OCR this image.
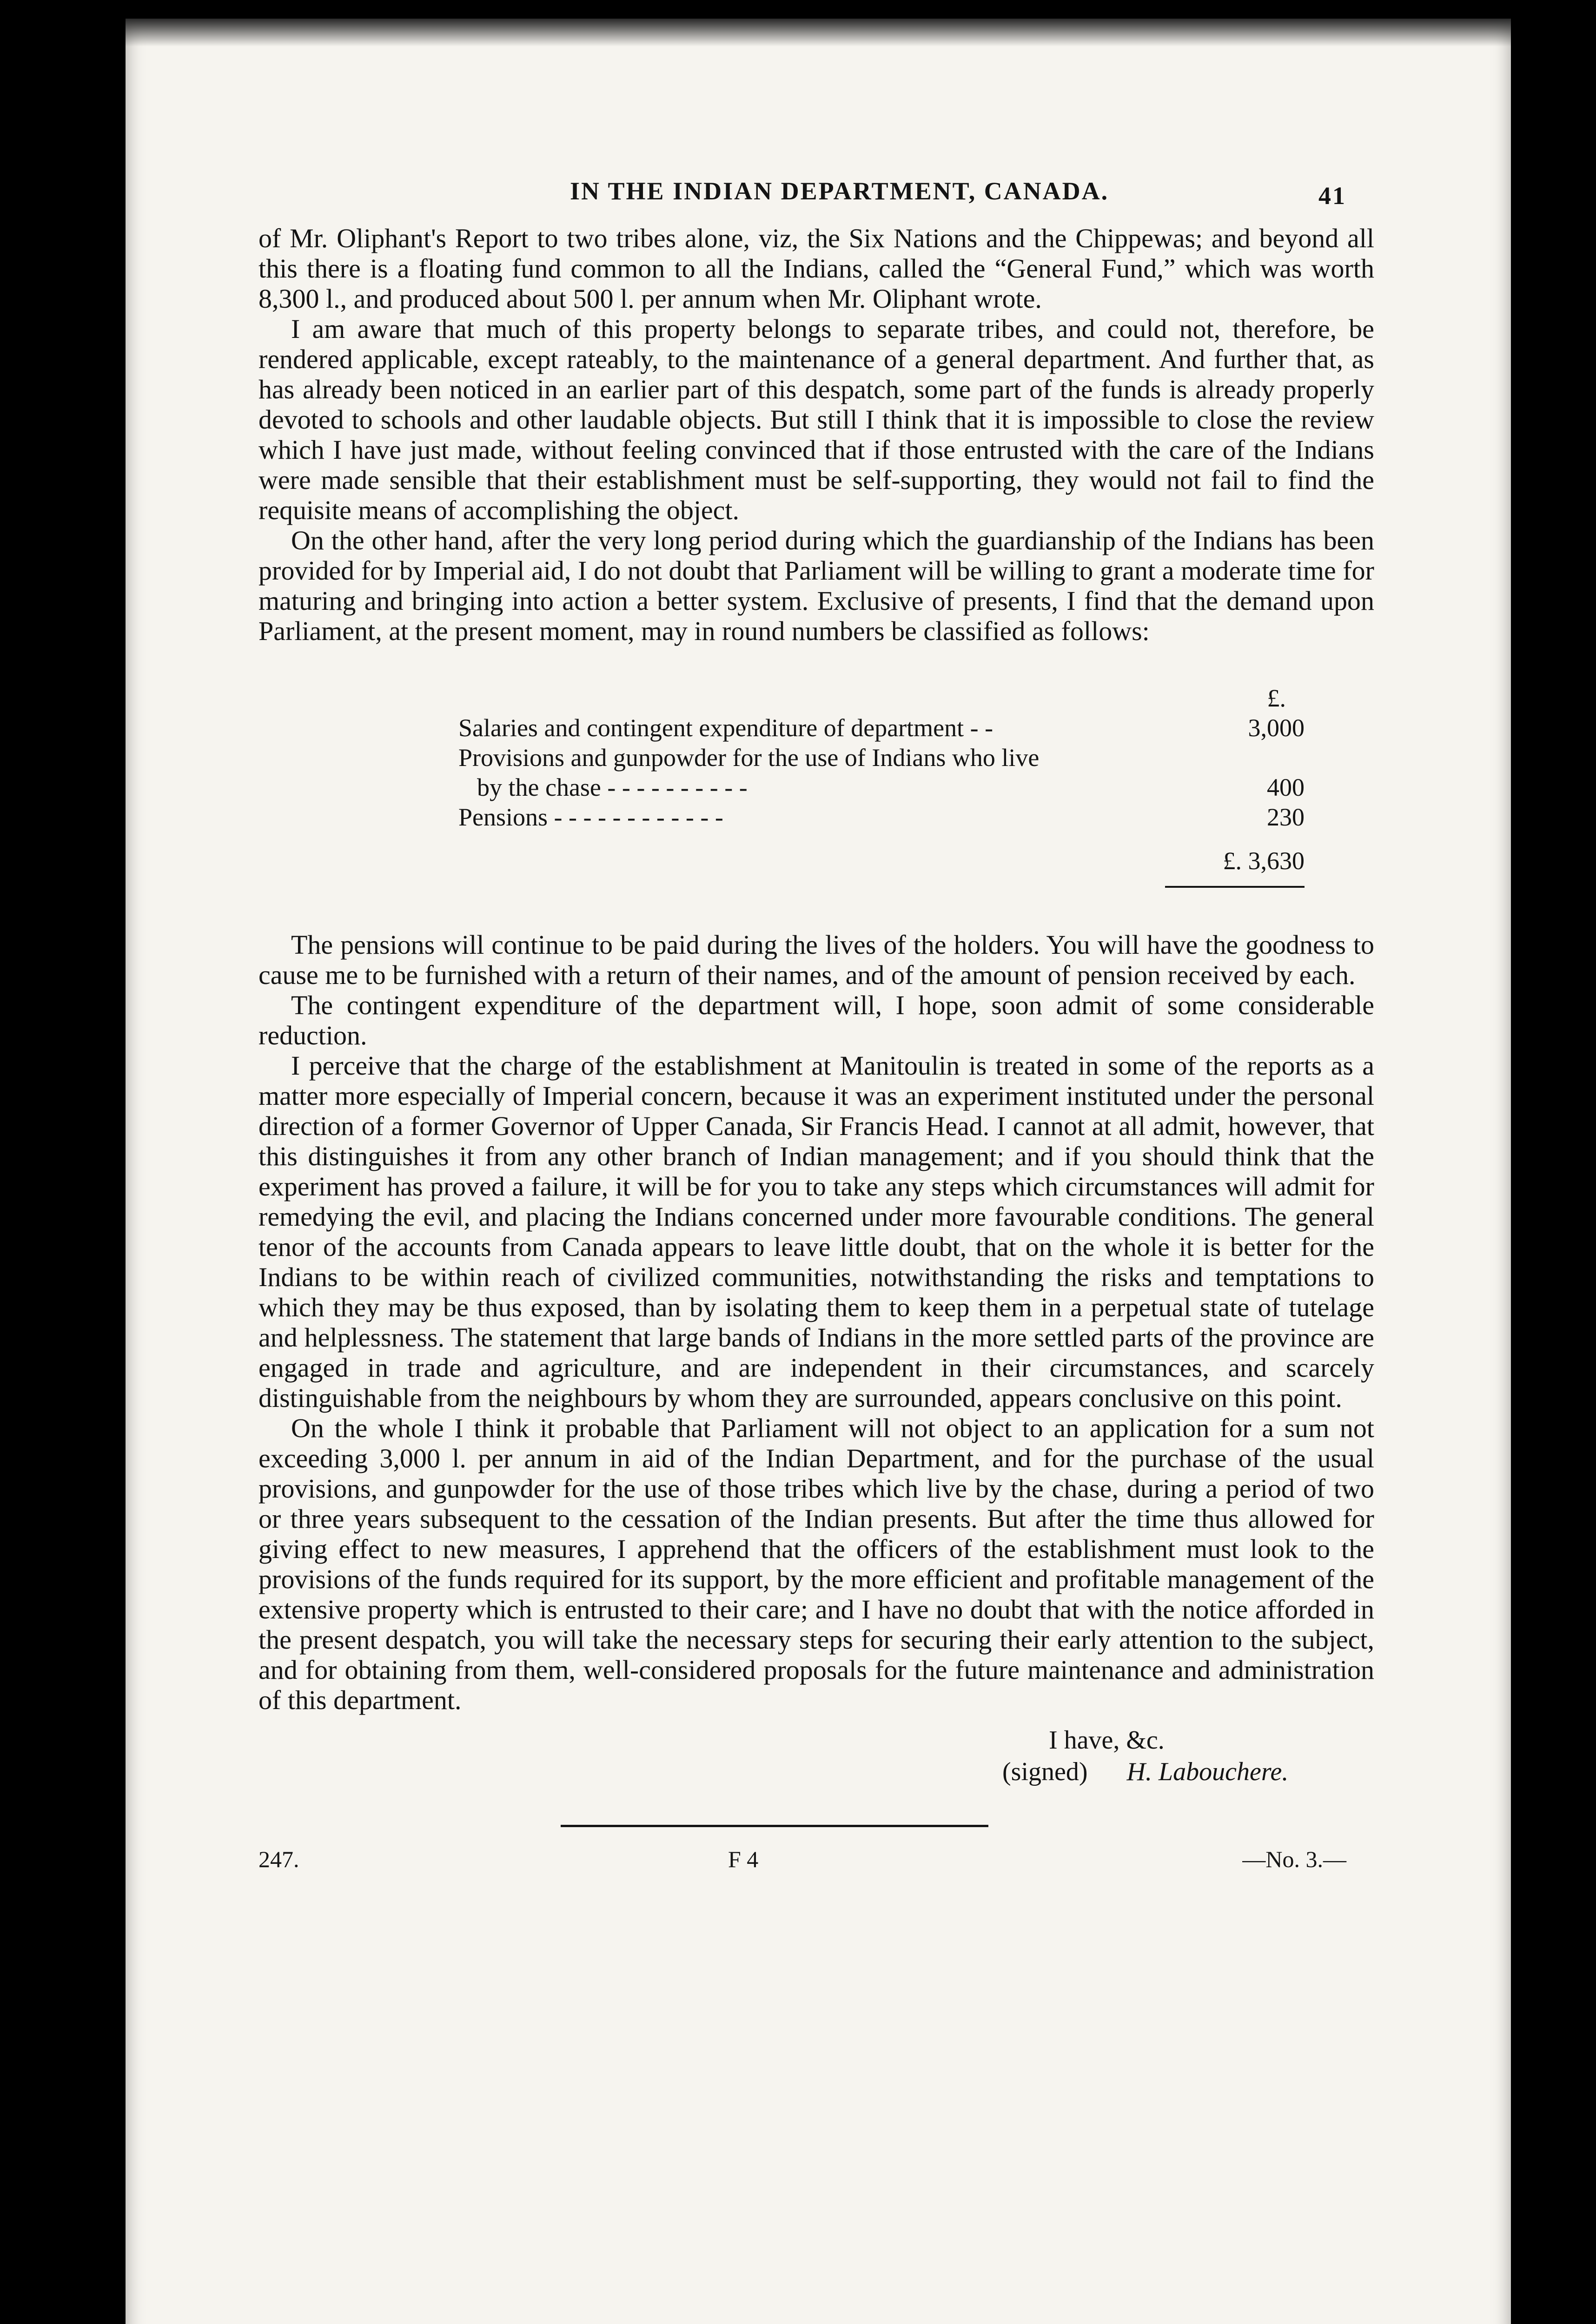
IN THE INDIAN DEPARTMENT, CANADA.	41

of Mr. Oliphant's Report to two tribes alone, viz, the Six Nations and the Chippewas; and beyond all this there is a floating fund common to all the Indians, called the “General Fund,” which was worth 8,300 l., and produced about 500 l. per annum when Mr. Oliphant wrote.

I am aware that much of this property belongs to separate tribes, and could not, therefore, be rendered applicable, except rateably, to the maintenance of a general department. And further that, as has already been noticed in an earlier part of this despatch, some part of the funds is already properly devoted to schools and other laudable objects. But still I think that it is impossible to close the review which I have just made, without feeling convinced that if those entrusted with the care of the Indians were made sensible that their establishment must be self-supporting, they would not fail to find the requisite means of accomplishing the object.

On the other hand, after the very long period during which the guardianship of the Indians has been provided for by Imperial aid, I do not doubt that Parliament will be willing to grant a moderate time for maturing and bringing into action a better system. Exclusive of presents, I find that the demand upon Parliament, at the present moment, may in round numbers be classified as follows:

£.
Salaries and contingent expenditure of department - -	3,000
Provisions and gunpowder for the use of Indians who live
by the chase - - - - - - - - - -	400
Pensions - - - - - - - - - - - -	230
£. 3,630

The pensions will continue to be paid during the lives of the holders. You will have the goodness to cause me to be furnished with a return of their names, and of the amount of pension received by each.

The contingent expenditure of the department will, I hope, soon admit of some considerable reduction.

I perceive that the charge of the establishment at Manitoulin is treated in some of the reports as a matter more especially of Imperial concern, because it was an experiment instituted under the personal direction of a former Governor of Upper Canada, Sir Francis Head. I cannot at all admit, however, that this distinguishes it from any other branch of Indian management; and if you should think that the experiment has proved a failure, it will be for you to take any steps which circumstances will admit for remedying the evil, and placing the Indians concerned under more favourable conditions. The general tenor of the accounts from Canada appears to leave little doubt, that on the whole it is better for the Indians to be within reach of civilized communities, notwithstanding the risks and temptations to which they may be thus exposed, than by isolating them to keep them in a perpetual state of tutelage and helplessness. The statement that large bands of Indians in the more settled parts of the province are engaged in trade and agriculture, and are independent in their circumstances, and scarcely distinguishable from the neighbours by whom they are surrounded, appears conclusive on this point.

On the whole I think it probable that Parliament will not object to an application for a sum not exceeding 3,000 l. per annum in aid of the Indian Department, and for the purchase of the usual provisions, and gunpowder for the use of those tribes which live by the chase, during a period of two or three years subsequent to the cessation of the Indian presents. But after the time thus allowed for giving effect to new measures, I apprehend that the officers of the establishment must look to the provisions of the funds required for its support, by the more efficient and profitable management of the extensive property which is entrusted to their care; and I have no doubt that with the notice afforded in the present despatch, you will take the necessary steps for securing their early attention to the subject, and for obtaining from them, well-considered proposals for the future maintenance and administration of this department.

I have, &c.
(signed) H. Labouchere.
247.	F 4	—No. 3.—
